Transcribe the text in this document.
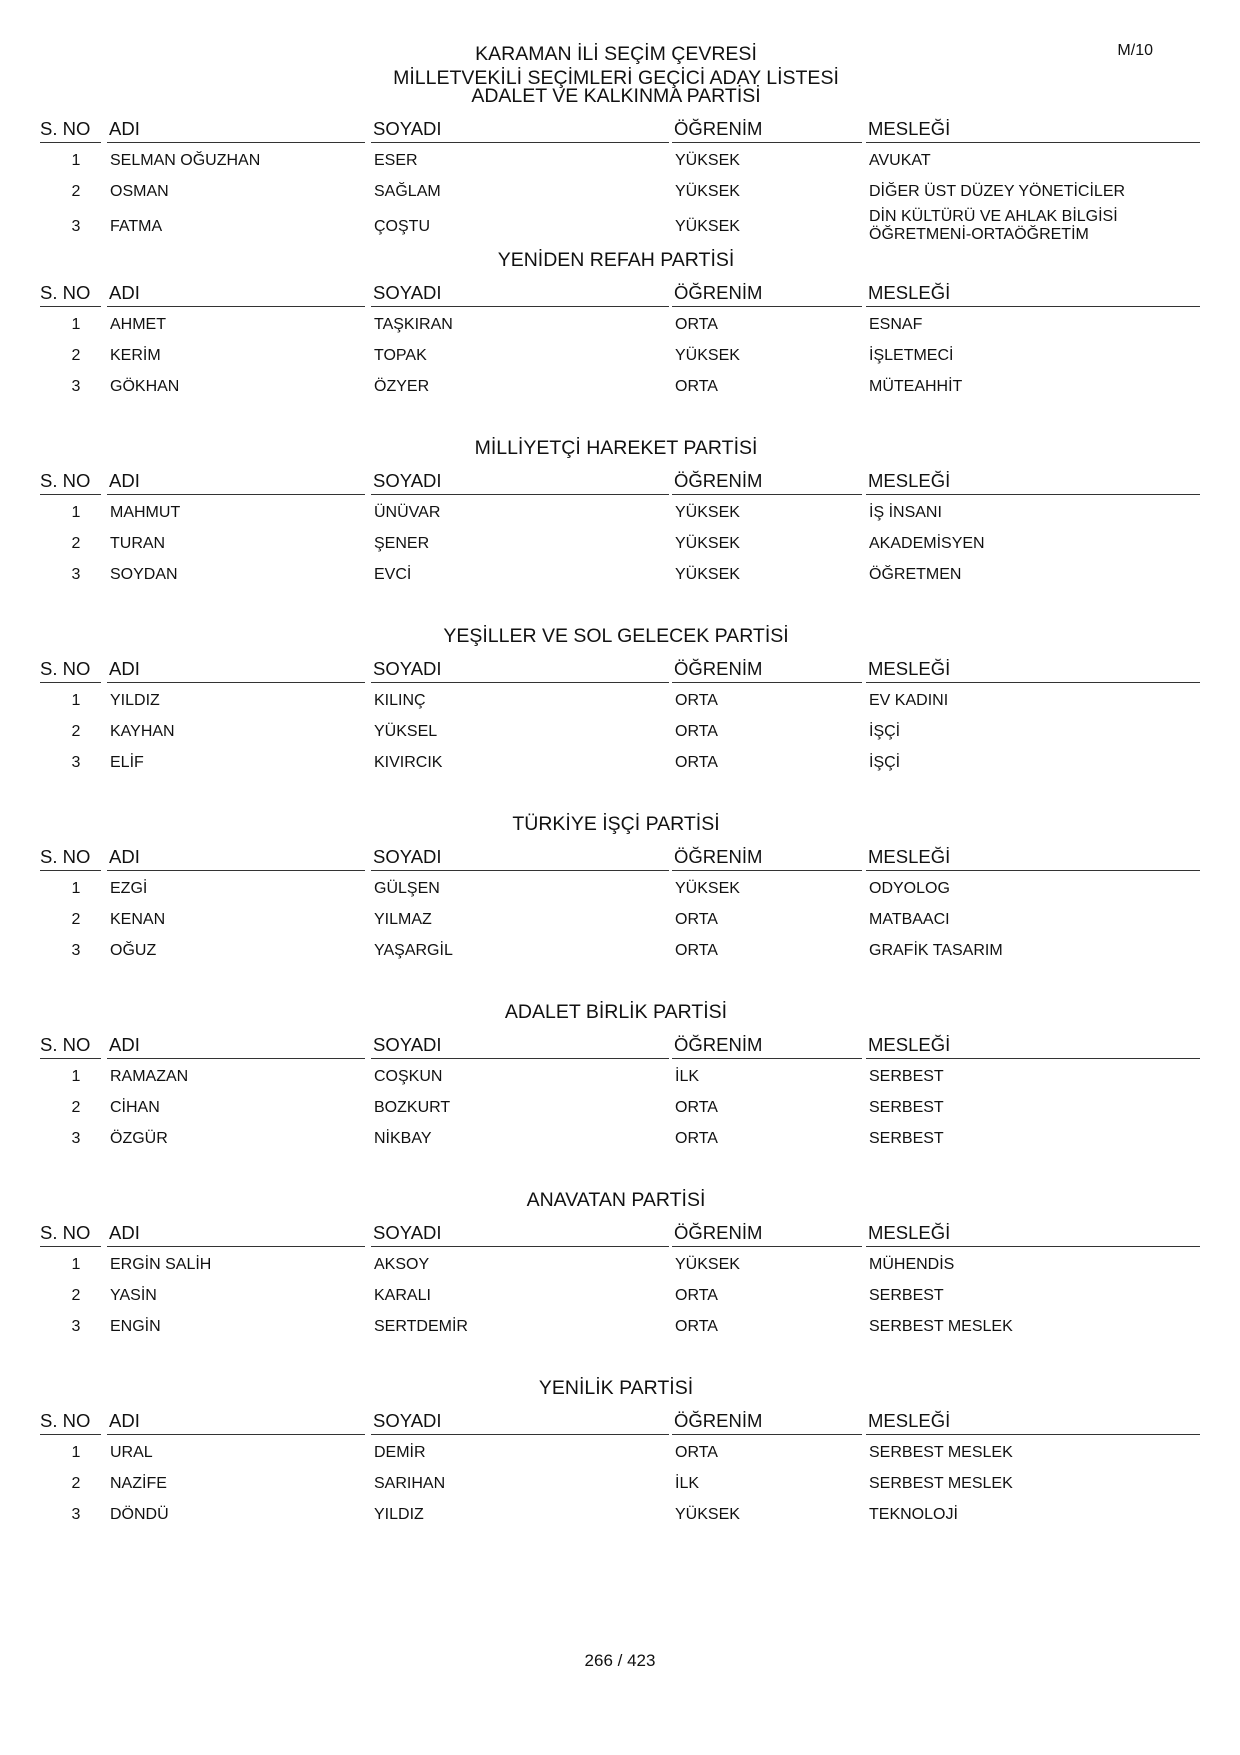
M/10
KARAMAN İLİ SEÇİM ÇEVRESİ
MİLLETVEKİLİ SEÇİMLERİ GEÇİCİ ADAY LİSTESİ
ADALET VE KALKINMA PARTİSİ
S. NO	ADI	SOYADI	ÖĞRENİM	MESLEĞİ
1	SELMAN OĞUZHAN	ESER	YÜKSEK	AVUKAT
2	OSMAN	SAĞLAM	YÜKSEK	DİĞER ÜST DÜZEY YÖNETİCİLER
3	FATMA	ÇOŞTU	YÜKSEK
DİN KÜLTÜRÜ VE AHLAK BİLGİSİ ÖĞRETMENİ-ORTAÖĞRETİM
YENİDEN REFAH PARTİSİ
S. NO	ADI	SOYADI	ÖĞRENİM	MESLEĞİ
1	AHMET	TAŞKIRAN	ORTA	ESNAF
2	KERİM	TOPAK	YÜKSEK	İŞLETMECİ
3	GÖKHAN	ÖZYER	ORTA	MÜTEAHHİT
MİLLİYETÇİ HAREKET PARTİSİ
S. NO	ADI	SOYADI	ÖĞRENİM	MESLEĞİ
1	MAHMUT	ÜNÜVAR	YÜKSEK	İŞ İNSANI
2	TURAN	ŞENER	YÜKSEK	AKADEMİSYEN
3	SOYDAN	EVCİ	YÜKSEK	ÖĞRETMEN
YEŞİLLER VE SOL GELECEK PARTİSİ
S. NO	ADI	SOYADI	ÖĞRENİM	MESLEĞİ
1	YILDIZ	KILINÇ	ORTA	EV KADINI
2	KAYHAN	YÜKSEL	ORTA	İŞÇİ
3	ELİF	KIVIRCIK	ORTA	İŞÇİ
TÜRKİYE İŞÇİ PARTİSİ
S. NO	ADI	SOYADI	ÖĞRENİM	MESLEĞİ
1	EZGİ	GÜLŞEN	YÜKSEK	ODYOLOG
2	KENAN	YILMAZ	ORTA	MATBAACI
3	OĞUZ	YAŞARGİL	ORTA	GRAFİK TASARIM
ADALET BİRLİK PARTİSİ
S. NO	ADI	SOYADI	ÖĞRENİM	MESLEĞİ
1	RAMAZAN	COŞKUN	İLK	SERBEST
2	CİHAN	BOZKURT	ORTA	SERBEST
3	ÖZGÜR	NİKBAY	ORTA	SERBEST
ANAVATAN PARTİSİ
S. NO	ADI	SOYADI	ÖĞRENİM	MESLEĞİ
1	ERGİN SALİH	AKSOY	YÜKSEK	MÜHENDİS
2	YASİN	KARALI	ORTA	SERBEST
3	ENGİN	SERTDEMİR	ORTA	SERBEST MESLEK
YENİLİK PARTİSİ
S. NO	ADI	SOYADI	ÖĞRENİM	MESLEĞİ
1	URAL	DEMİR	ORTA	SERBEST MESLEK
2	NAZİFE	SARIHAN	İLK	SERBEST MESLEK
3	DÖNDÜ	YILDIZ	YÜKSEK	TEKNOLOJİ
266 / 423
